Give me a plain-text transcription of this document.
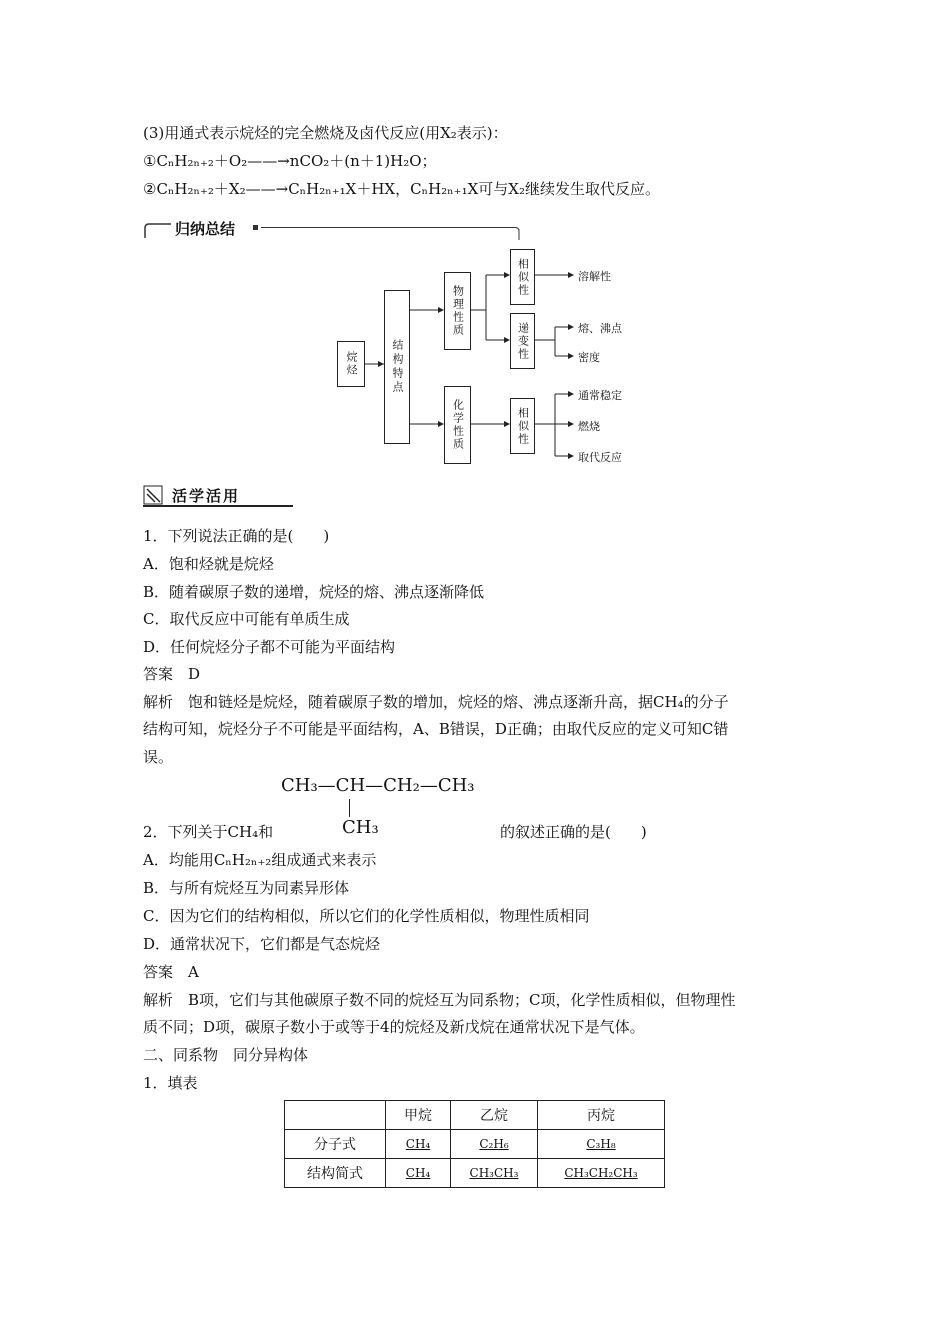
(3)用通式表示烷烃的完全燃烧及卤代反应(用X₂表示)：
①CₙH₂ₙ₊₂＋O₂——→nCO₂＋(n＋1)H₂O；
②CₙH₂ₙ₊₂＋X₂——→CₙH₂ₙ₊₁X＋HX，CₙH₂ₙ₊₁X可与X₂继续发生取代反应。
归纳总结
烷烃	结构特点
物理性质
化学性质
相似性
递变性
相似性
溶解性
熔、沸点
密度
通常稳定
燃烧
取代反应
活学活用
1．下列说法正确的是(　　)
A．饱和烃就是烷烃
B．随着碳原子数的递增，烷烃的熔、沸点逐渐降低
C．取代反应中可能有单质生成
D．任何烷烃分子都不可能为平面结构
答案　D
解析　饱和链烃是烷烃，随着碳原子数的增加，烷烃的熔、沸点逐渐升高，据CH₄的分子
结构可知，烷烃分子不可能是平面结构，A、B错误，D正确；由取代反应的定义可知C错
误。
CH₃—CH—CH₂—CH₃
CH₃
2．下列关于CH₄和	的叙述正确的是(　　)
A．均能用CₙH₂ₙ₊₂组成通式来表示
B．与所有烷烃互为同素异形体
C．因为它们的结构相似，所以它们的化学性质相似，物理性质相同
D．通常状况下，它们都是气态烷烃
答案　A
解析　B项，它们与其他碳原子数不同的烷烃互为同系物；C项，化学性质相似，但物理性
质不同；D项，碳原子数小于或等于4的烷烃及新戊烷在通常状况下是气体。
二、同系物　同分异构体
1．填表
	甲烷	乙烷	丙烷
分子式	CH₄	C₂H₆	C₃H₈
结构简式	CH₄	CH₃CH₃	CH₃CH₂CH₃
